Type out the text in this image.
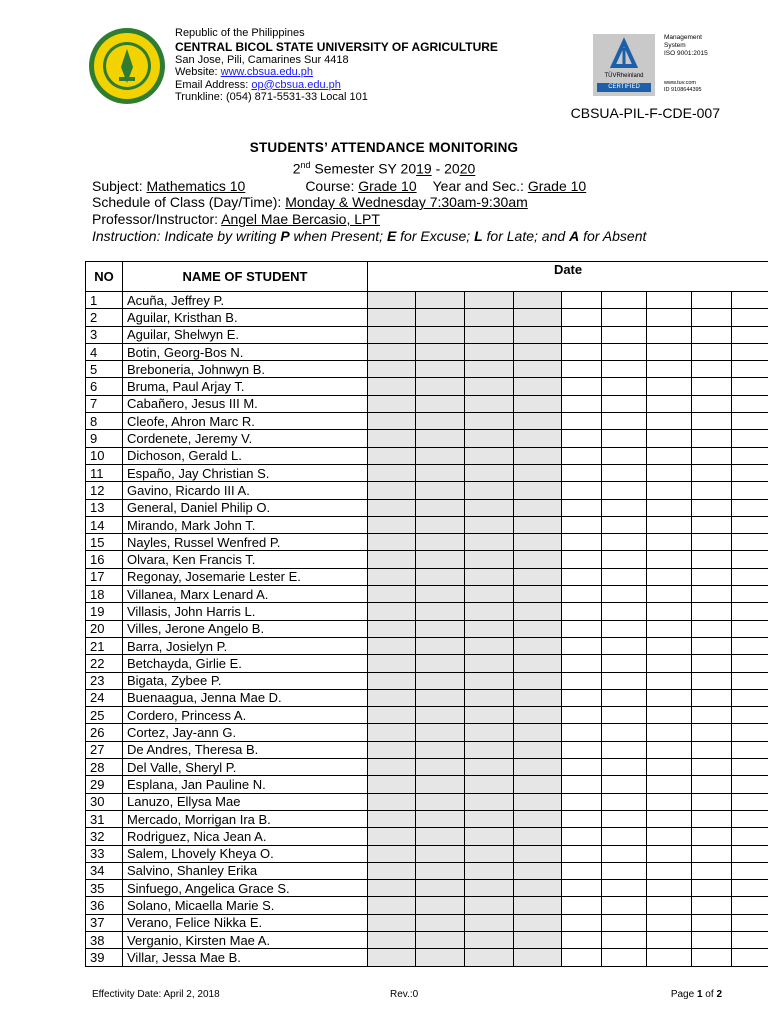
Republic of the Philippines
CENTRAL BICOL STATE UNIVERSITY OF AGRICULTURE
San Jose, Pili, Camarines Sur 4418
Website: www.cbsua.edu.ph
Email Address: op@cbsua.edu.ph
Trunkline: (054) 871-5531-33 Local 101
TÜVRheinland
CERTIFIED
Management System
ISO 9001:2015
www.tuv.com
ID 9108644395
CBSUA-PIL-F-CDE-007
STUDENTS’ ATTENDANCE MONITORING
2nd Semester SY 2019 - 2020
Subject: Mathematics 10	Course: Grade 10 Year and Sec.: Grade 10
Schedule of Class (Day/Time): Monday & Wednesday 7:30am-9:30am
Professor/Instructor: Angel Mae Bercasio, LPT
Instruction: Indicate by writing P when Present; E for Excuse; L for Late; and A for Absent
NO	NAME OF STUDENT	Date								
1	Acuña, Jeffrey P.									
2	Aguilar, Kristhan B.									
3	Aguilar, Shelwyn E.									
4	Botin, Georg-Bos N.									
5	Breboneria, Johnwyn B.									
6	Bruma, Paul Arjay T.									
7	Cabañero, Jesus III M.									
8	Cleofe, Ahron Marc R.									
9	Cordenete, Jeremy V.									
10	Dichoson, Gerald L.									
11	Españo, Jay Christian S.									
12	Gavino, Ricardo III A.									
13	General, Daniel Philip O.									
14	Mirando, Mark John T.									
15	Nayles, Russel Wenfred P.									
16	Olvara, Ken Francis T.									
17	Regonay, Josemarie Lester E.									
18	Villanea, Marx Lenard A.									
19	Villasis, John Harris L.									
20	Villes, Jerone Angelo B.									
21	Barra, Josielyn P.									
22	Betchayda, Girlie E.									
23	Bigata, Zybee P.									
24	Buenaagua, Jenna Mae D.									
25	Cordero, Princess A.									
26	Cortez, Jay-ann G.									
27	De Andres, Theresa B.									
28	Del Valle, Sheryl P.									
29	Esplana, Jan Pauline N.									
30	Lanuzo, Ellysa Mae									
31	Mercado, Morrigan Ira B.									
32	Rodriguez, Nica Jean A.									
33	Salem, Lhovely Kheya O.									
34	Salvino, Shanley Erika									
35	Sinfuego, Angelica Grace S.									
36	Solano, Micaella Marie S.									
37	Verano, Felice Nikka E.									
38	Verganio, Kirsten Mae A.									
39	Villar, Jessa Mae B.									
Effectivity Date: April 2, 2018	Rev.:0	Page 1 of 2
